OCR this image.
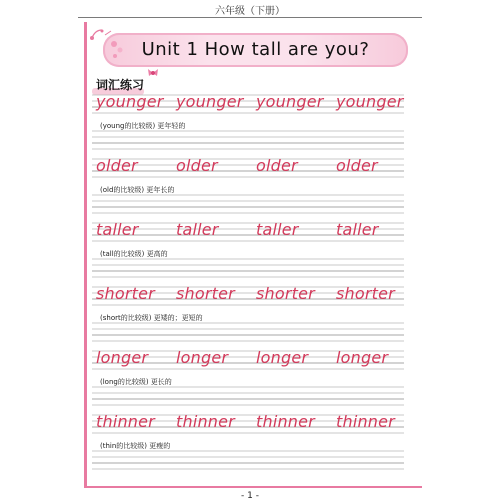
六年级（下册）
Unit 1 How tall are you?
词汇练习
younger younger younger younger
(young的比较级) 更年轻的
older older older older
(old的比较级) 更年长的
taller taller taller taller
(tall的比较级) 更高的
shorter shorter shorter shorter
(short的比较级) 更矮的；更短的
longer longer longer longer
(long的比较级) 更长的
thinner thinner thinner thinner
(thin的比较级) 更瘦的
- 1 -
